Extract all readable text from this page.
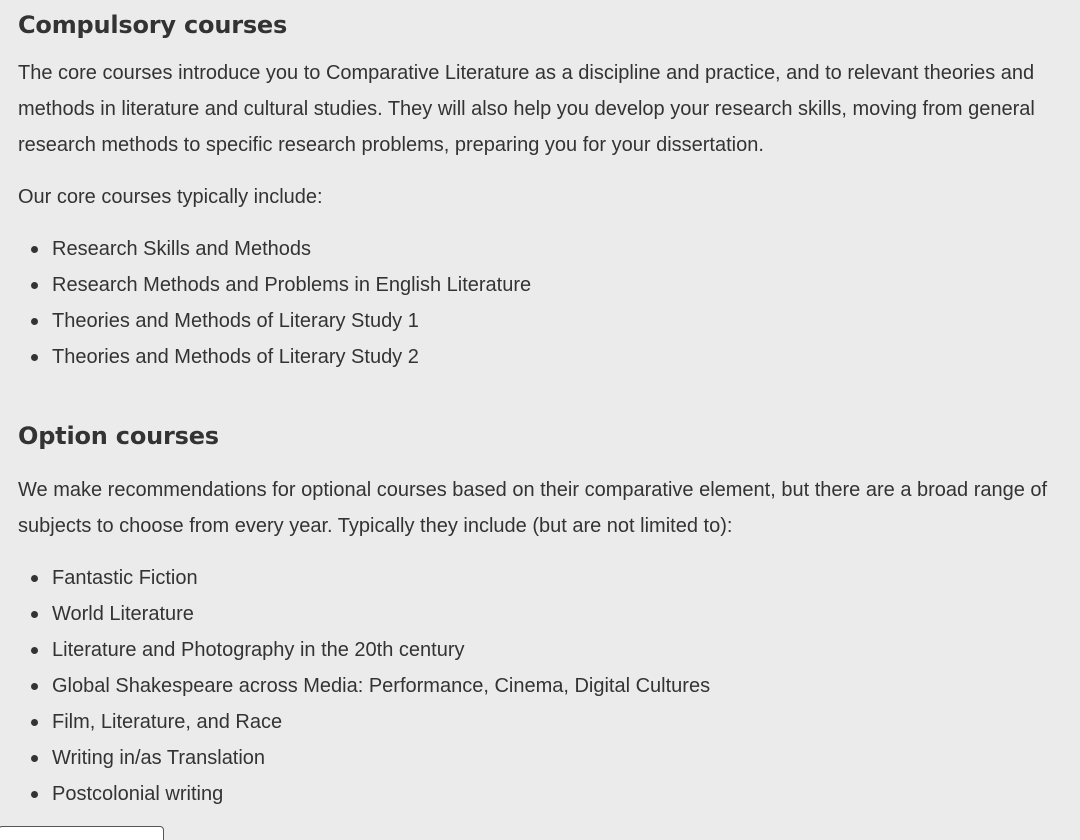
Compulsory courses

The core courses introduce you to Comparative Literature as a discipline and practice, and to relevant theories and methods in literature and cultural studies. They will also help you develop your research skills, moving from general research methods to specific research problems, preparing you for your dissertation.

Our core courses typically include:

Research Skills and Methods
Research Methods and Problems in English Literature
Theories and Methods of Literary Study 1
Theories and Methods of Literary Study 2
Option courses

We make recommendations for optional courses based on their comparative element, but there are a broad range of subjects to choose from every year. Typically they include (but are not limited to):

Fantastic Fiction
World Literature
Literature and Photography in the 20th century
Global Shakespeare across Media: Performance, Cinema, Digital Cultures
Film, Literature, and Race
Writing in/as Translation
Postcolonial writing
